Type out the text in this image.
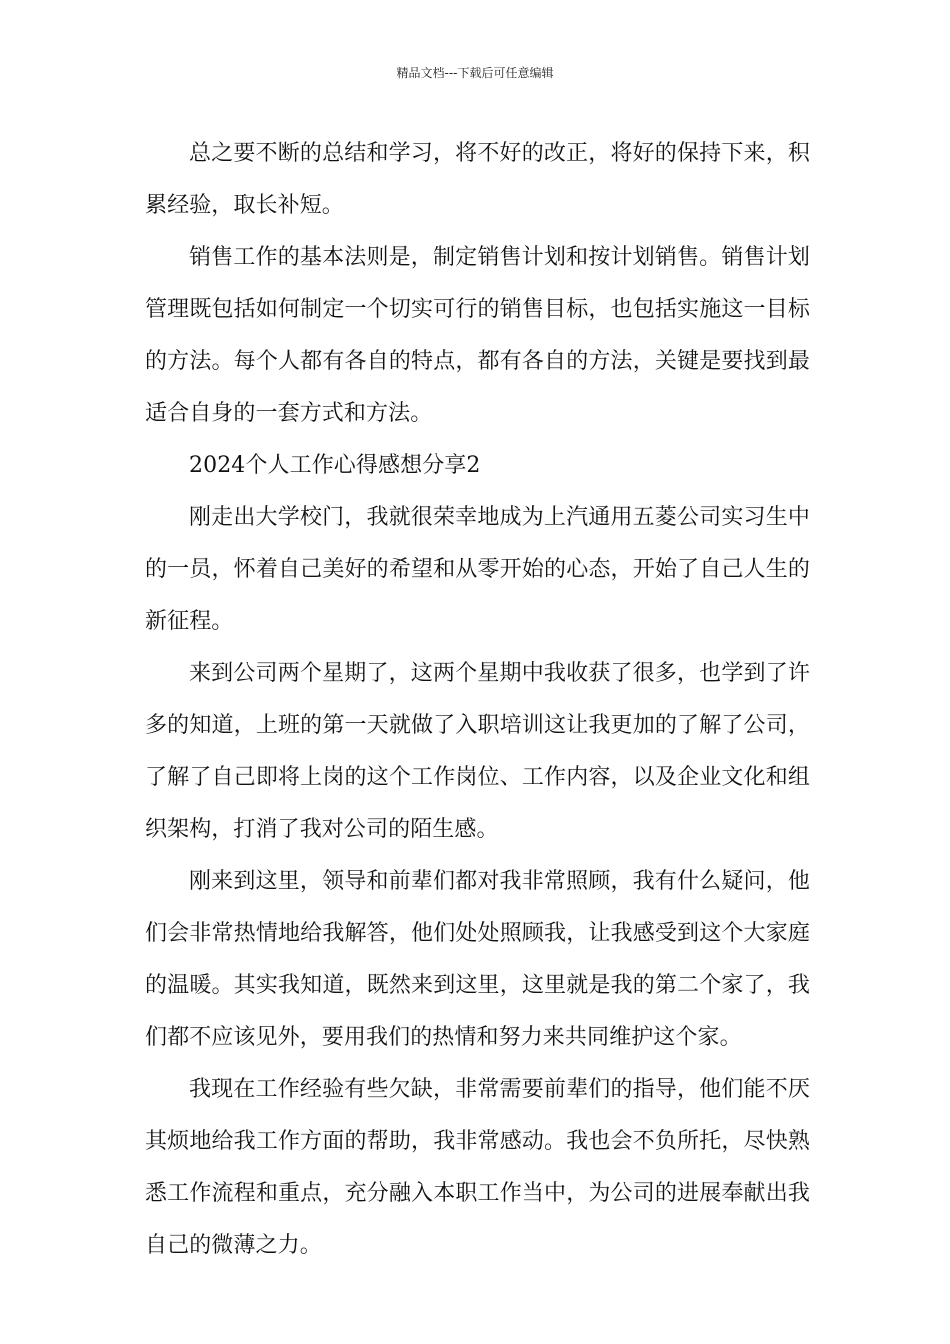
精品文档---下载后可任意编辑

总之要不断的总结和学习，将不好的改正，将好的保持下来，积累经验，取长补短。

销售工作的基本法则是，制定销售计划和按计划销售。销售计划管理既包括如何制定一个切实可行的销售目标，也包括实施这一目标的方法。每个人都有各自的特点，都有各自的方法，关键是要找到最适合自身的一套方式和方法。

2024个人工作心得感想分享2

刚走出大学校门，我就很荣幸地成为上汽通用五菱公司实习生中的一员，怀着自己美好的希望和从零开始的心态，开始了自己人生的新征程。

来到公司两个星期了，这两个星期中我收获了很多，也学到了许多的知道，上班的第一天就做了入职培训这让我更加的了解了公司，了解了自己即将上岗的这个工作岗位、工作内容，以及企业文化和组织架构，打消了我对公司的陌生感。

刚来到这里，领导和前辈们都对我非常照顾，我有什么疑问，他们会非常热情地给我解答，他们处处照顾我，让我感受到这个大家庭的温暖。其实我知道，既然来到这里，这里就是我的第二个家了，我们都不应该见外，要用我们的热情和努力来共同维护这个家。

我现在工作经验有些欠缺，非常需要前辈们的指导，他们能不厌其烦地给我工作方面的帮助，我非常感动。我也会不负所托，尽快熟悉工作流程和重点，充分融入本职工作当中，为公司的进展奉献出我自己的微薄之力。
